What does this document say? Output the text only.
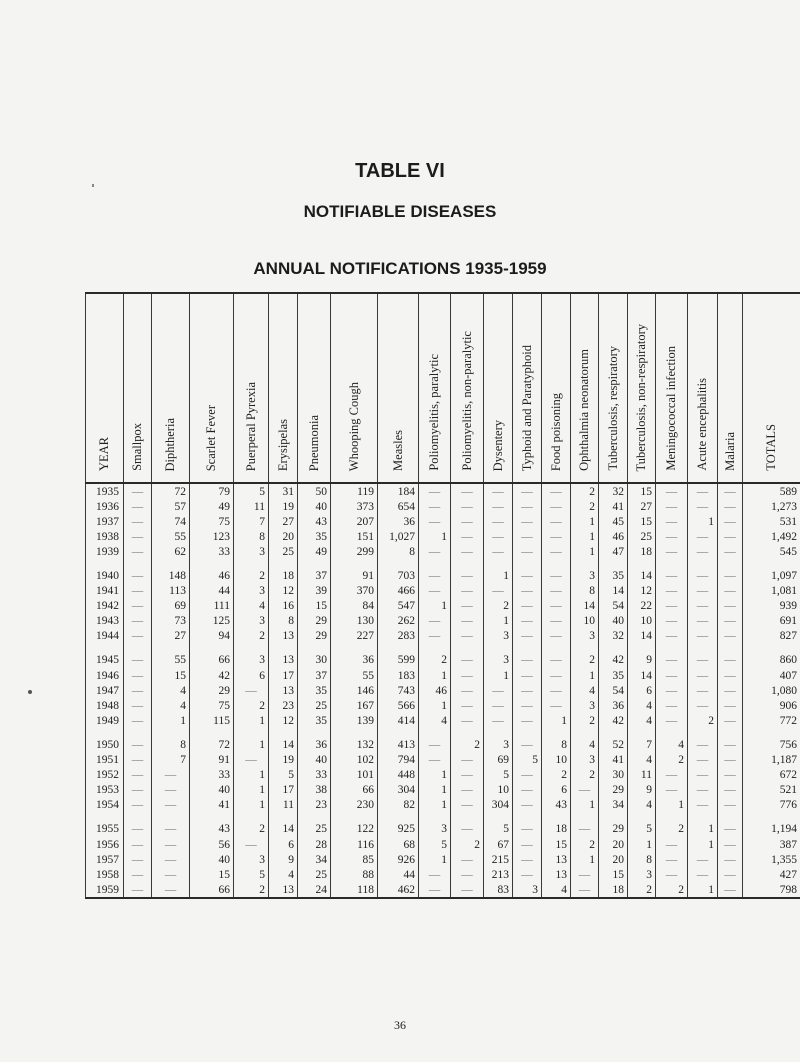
TABLE VI
NOTIFIABLE DISEASES
ANNUAL NOTIFICATIONS 1935-1959
YEAR	Smallpox	Diphtheria	Scarlet Fever	Puerperal Pyrexia	Erysipelas	Pneumonia	Whooping Cough	Measles	Poliomyelitis, paralytic	Poliomyelitis, non-paralytic	Dysentery	Typhoid and Paratyphoid	Food poisoning	Ophthalmia neonatorum	Tuberculosis, respiratory	Tuberculosis, non-respiratory	Meningococcal infection	Acute encephalitis	Malaria	TOTALS
1935	—	72	79	5	31	50	119	184	—	—	—	—	—	2	32	15	—	—	—	589
1936	—	57	49	11	19	40	373	654	—	—	—	—	—	2	41	27	—	—	—	1,273
1937	—	74	75	7	27	43	207	36	—	—	—	—	—	1	45	15	—	1	—	531
1938	—	55	123	8	20	35	151	1,027	1	—	—	—	—	1	46	25	—	—	—	1,492
1939	—	62	33	3	25	49	299	8	—	—	—	—	—	1	47	18	—	—	—	545

1940	—	148	46	2	18	37	91	703	—	—	1	—	—	3	35	14	—	—	—	1,097
1941	—	113	44	3	12	39	370	466	—	—	—	—	—	8	14	12	—	—	—	1,081
1942	—	69	111	4	16	15	84	547	1	—	2	—	—	14	54	22	—	—	—	939
1943	—	73	125	3	8	29	130	262	—	—	1	—	—	10	40	10	—	—	—	691
1944	—	27	94	2	13	29	227	283	—	—	3	—	—	3	32	14	—	—	—	827

1945	—	55	66	3	13	30	36	599	2	—	3	—	—	2	42	9	—	—	—	860
1946	—	15	42	6	17	37	55	183	1	—	1	—	—	1	35	14	—	—	—	407
1947	—	4	29	—	13	35	146	743	46	—	—	—	—	4	54	6	—	—	—	1,080
1948	—	4	75	2	23	25	167	566	1	—	—	—	—	3	36	4	—	—	—	906
1949	—	1	115	1	12	35	139	414	4	—	—	—	1	2	42	4	—	2	—	772

1950	—	8	72	1	14	36	132	413	—	2	3	—	8	4	52	7	4	—	—	756
1951	—	7	91	—	19	40	102	794	—	—	69	5	10	3	41	4	2	—	—	1,187
1952	—	—	33	1	5	33	101	448	1	—	5	—	2	2	30	11	—	—	—	672
1953	—	—	40	1	17	38	66	304	1	—	10	—	6	—	29	9	—	—	—	521
1954	—	—	41	1	11	23	230	82	1	—	304	—	43	1	34	4	1	—	—	776

1955	—	—	43	2	14	25	122	925	3	—	5	—	18	—	29	5	2	1	—	1,194
1956	—	—	56	—	6	28	116	68	5	2	67	—	15	2	20	1	—	1	—	387
1957	—	—	40	3	9	34	85	926	1	—	215	—	13	1	20	8	—	—	—	1,355
1958	—	—	15	5	4	25	88	44	—	—	213	—	13	—	15	3	—	—	—	427
1959	—	—	66	2	13	24	118	462	—	—	83	3	4	—	18	2	2	1	—	798
36
